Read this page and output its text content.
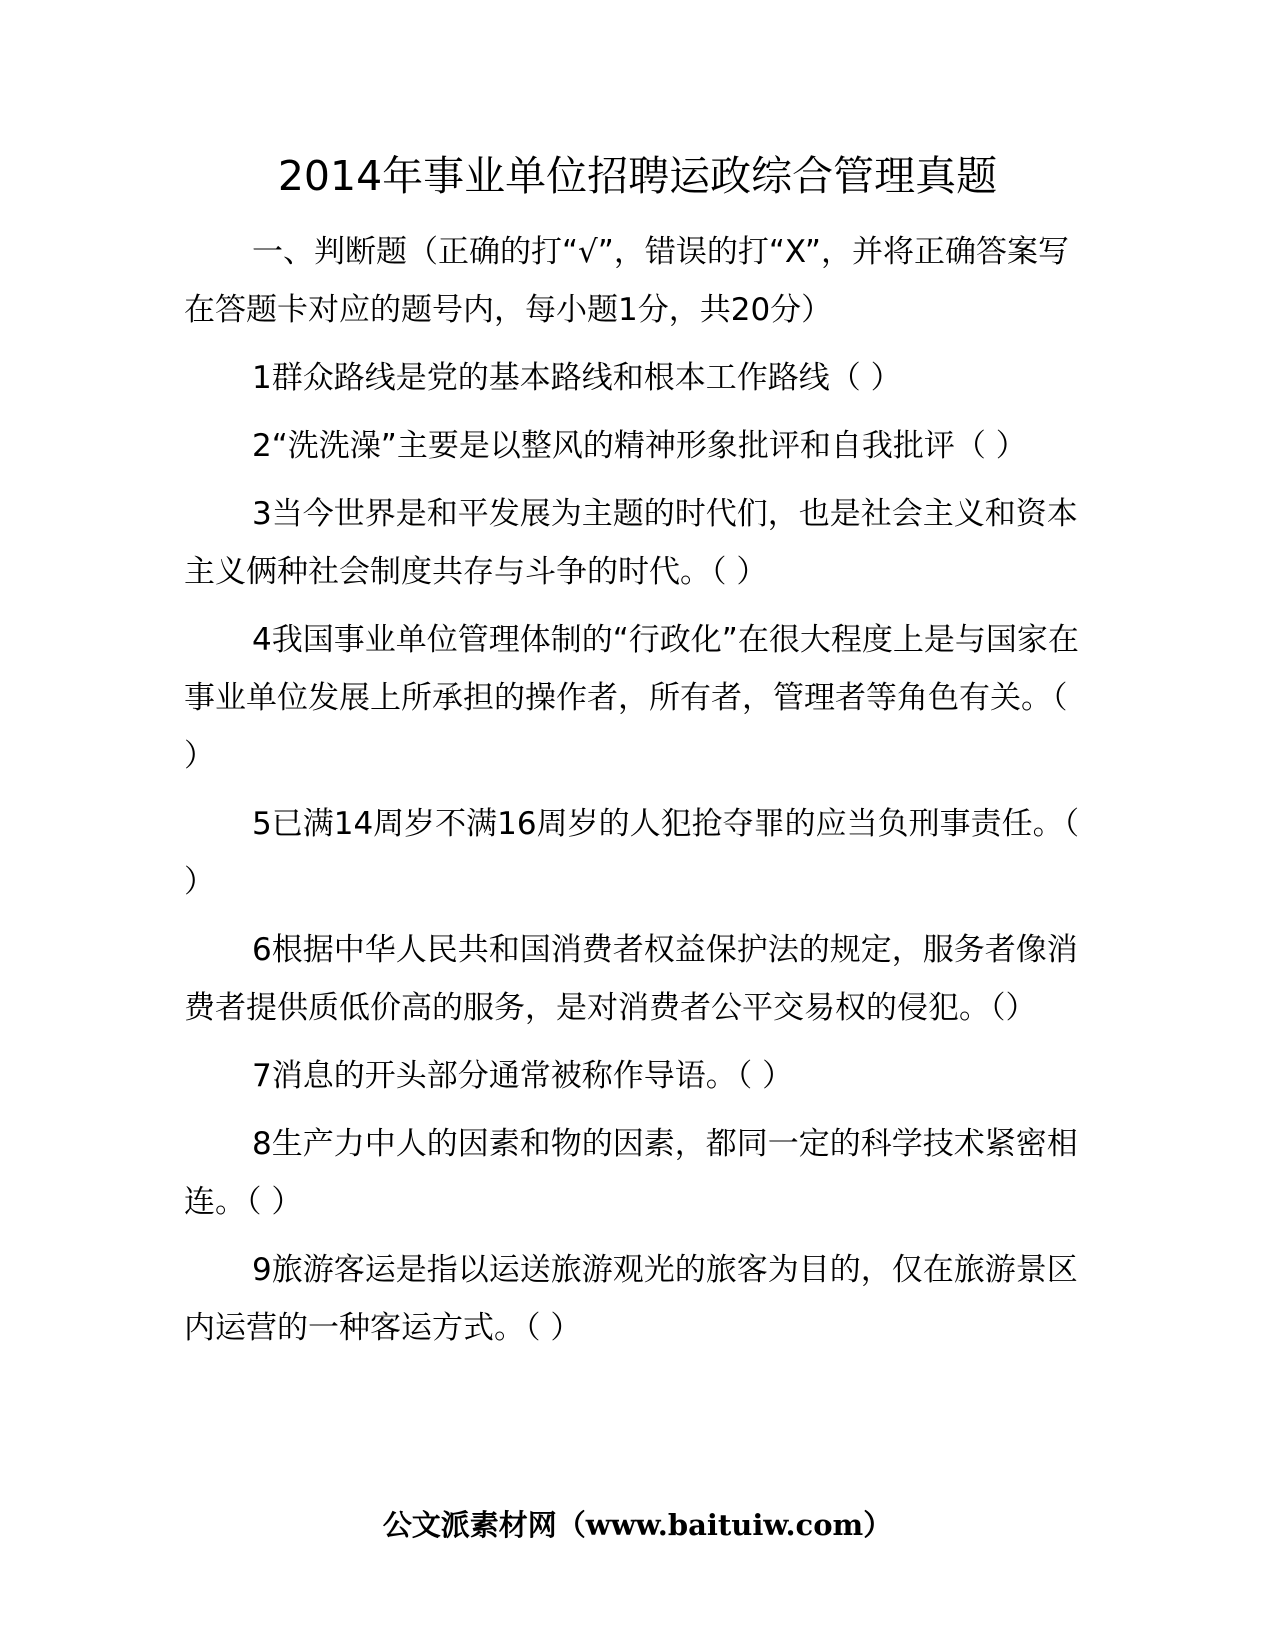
2014年事业单位招聘运政综合管理真题

一、判断题（正确的打“√”，错误的打“X”，并将正确答案写在答题卡对应的题号内，每小题1分，共20分）

1群众路线是党的基本路线和根本工作路线（ ）

2“洗洗澡”主要是以整风的精神形象批评和自我批评（ ）

3当今世界是和平发展为主题的时代们，也是社会主义和资本主义俩种社会制度共存与斗争的时代。（ ）

4我国事业单位管理体制的“行政化”在很大程度上是与国家在事业单位发展上所承担的操作者，所有者，管理者等角色有关。（ ）

5已满14周岁不满16周岁的人犯抢夺罪的应当负刑事责任。（ ）

6根据中华人民共和国消费者权益保护法的规定，服务者像消费者提供质低价高的服务，是对消费者公平交易权的侵犯。（）

7消息的开头部分通常被称作导语。（ ）

8生产力中人的因素和物的因素，都同一定的科学技术紧密相连。（ ）

9旅游客运是指以运送旅游观光的旅客为目的，仅在旅游景区内运营的一种客运方式。（ ）

公文派素材网（www.baituiw.com）
